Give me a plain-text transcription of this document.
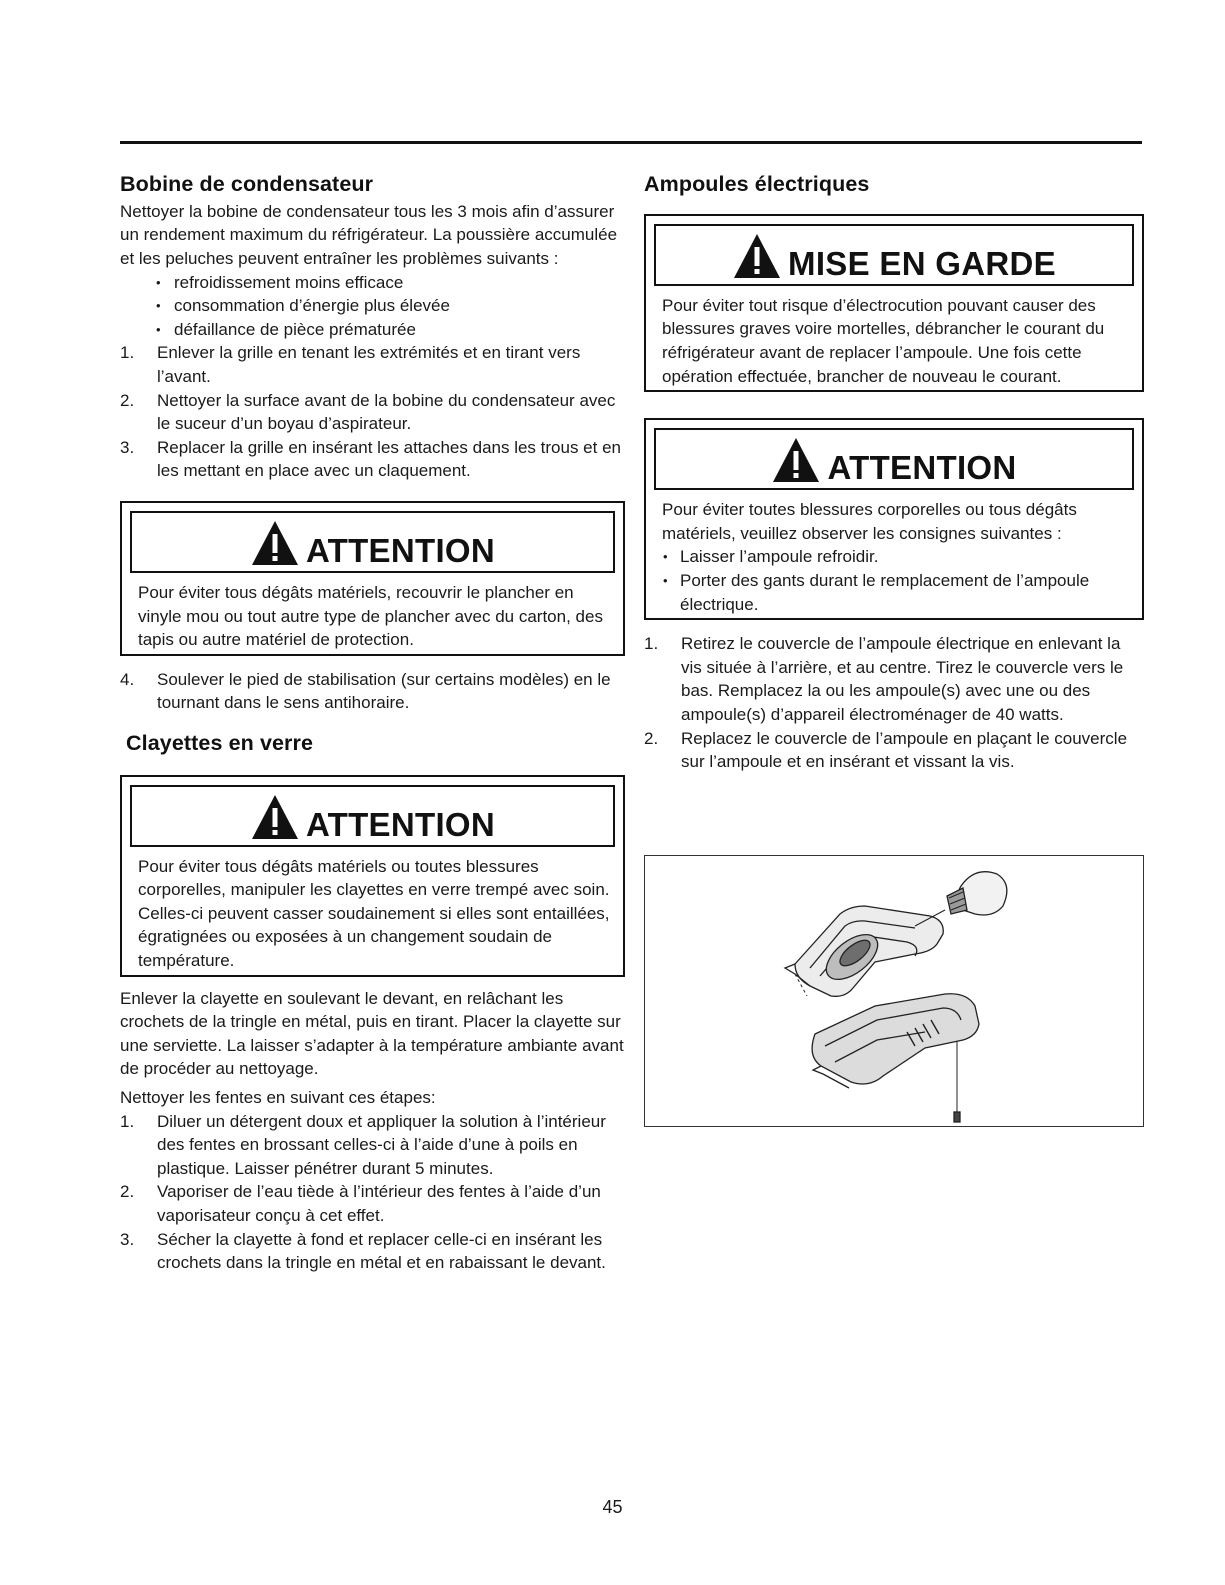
Bobine de condensateur

Nettoyer la bobine de condensateur tous les 3 mois afin d’assurer un rendement maximum du réfrigérateur. La poussière accumulée et les peluches peuvent entraîner les problèmes suivants :

• refroidissement moins efficace
• consommation d’énergie plus élevée
• défaillance de pièce prématurée
1. Enlever la grille en tenant les extrémités et en tirant vers l’avant.
2. Nettoyer la surface avant de la bobine du condensateur avec le suceur d’un boyau d’aspirateur.
3. Replacer la grille en insérant les attaches dans les trous et en les mettant en place avec un claquement.
ATTENTION

Pour éviter tous dégâts matériels, recouvrir le plancher en vinyle mou ou tout autre type de plancher avec du carton, des tapis ou autre matériel de protection.

4. Soulever le pied de stabilisation (sur certains modèles) en le tournant dans le sens antihoraire.
Clayettes en verre
ATTENTION

Pour éviter tous dégâts matériels ou toutes blessures corporelles, manipuler les clayettes en verre trempé avec soin. Celles-ci peuvent casser soudainement si elles sont entaillées, égratignées ou exposées à un changement soudain de température.

Enlever la clayette en soulevant le devant, en relâchant les crochets de la tringle en métal, puis en tirant. Placer la clayette sur une serviette. La laisser s’adapter à la température ambiante avant de procéder au nettoyage.

Nettoyer les fentes en suivant ces étapes:

1. Diluer un détergent doux et appliquer la solution à l’intérieur des fentes en brossant celles-ci à l’aide d’une à poils en plastique. Laisser pénétrer durant 5 minutes.
2. Vaporiser de l’eau tiède à l’intérieur des fentes à l’aide d’un vaporisateur conçu à cet effet.
3. Sécher la clayette à fond et replacer celle-ci en insérant les crochets dans la tringle en métal et en rabaissant le devant.
Ampoules électriques
MISE EN GARDE

Pour éviter tout risque d’électrocution pouvant causer des blessures graves voire mortelles, débrancher le courant du réfrigérateur avant de replacer l’ampoule. Une fois cette opération effectuée, brancher de nouveau le courant.

ATTENTION

Pour éviter toutes blessures corporelles ou tous dégâts matériels, veuillez observer les consignes suivantes :

• Laisser l’ampoule refroidir.
• Porter des gants durant le remplacement de l’ampoule électrique.
1. Retirez le couvercle de l’ampoule électrique en enlevant la vis située à l’arrière, et au centre. Tirez le couvercle vers le bas. Remplacez la ou les ampoule(s) avec une ou des ampoule(s) d’appareil électroménager de 40 watts.
2. Replacez le couvercle de l’ampoule en plaçant le couvercle sur l’ampoule et en insérant et vissant la vis.
45
